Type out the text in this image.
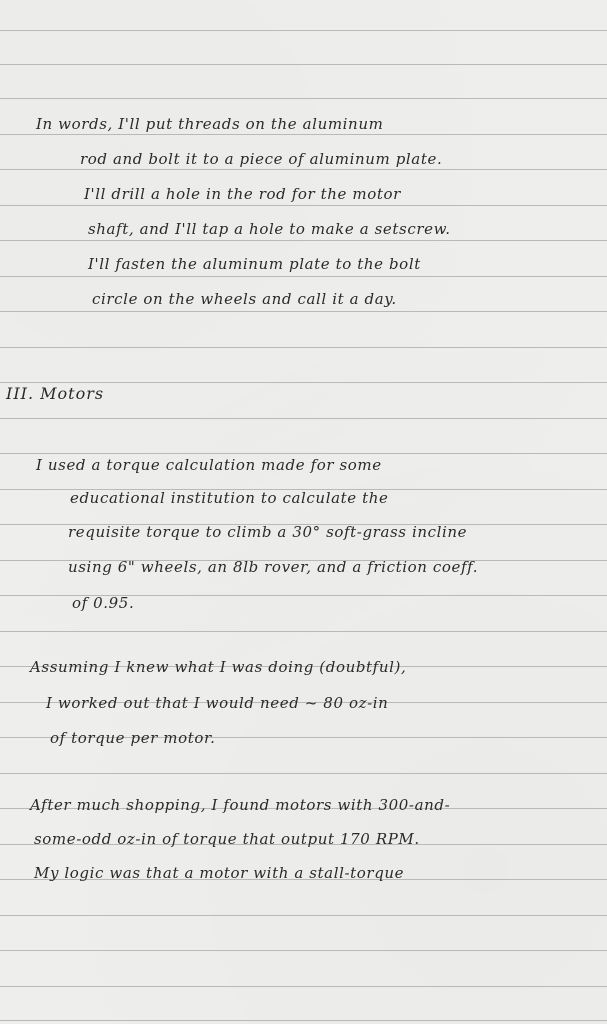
In words, I'll put threads on the aluminum

rod and bolt it to a piece of aluminum plate.

I'll drill a hole in the rod for the motor

shaft, and I'll tap a hole to make a setscrew.

I'll fasten the aluminum plate to the bolt

circle on the wheels and call it a day.

III. Motors

I used a torque calculation made for some

educational institution to calculate the

requisite torque to climb a 30° soft-grass incline

using 6" wheels, an 8lb rover, and a friction coeff.

of 0.95.

Assuming I knew what I was doing (doubtful),

I worked out that I would need ~ 80 oz-in

of torque per motor.

After much shopping, I found motors with 300-and-

some-odd oz-in of torque that output 170 RPM.

My logic was that a motor with a stall-torque
